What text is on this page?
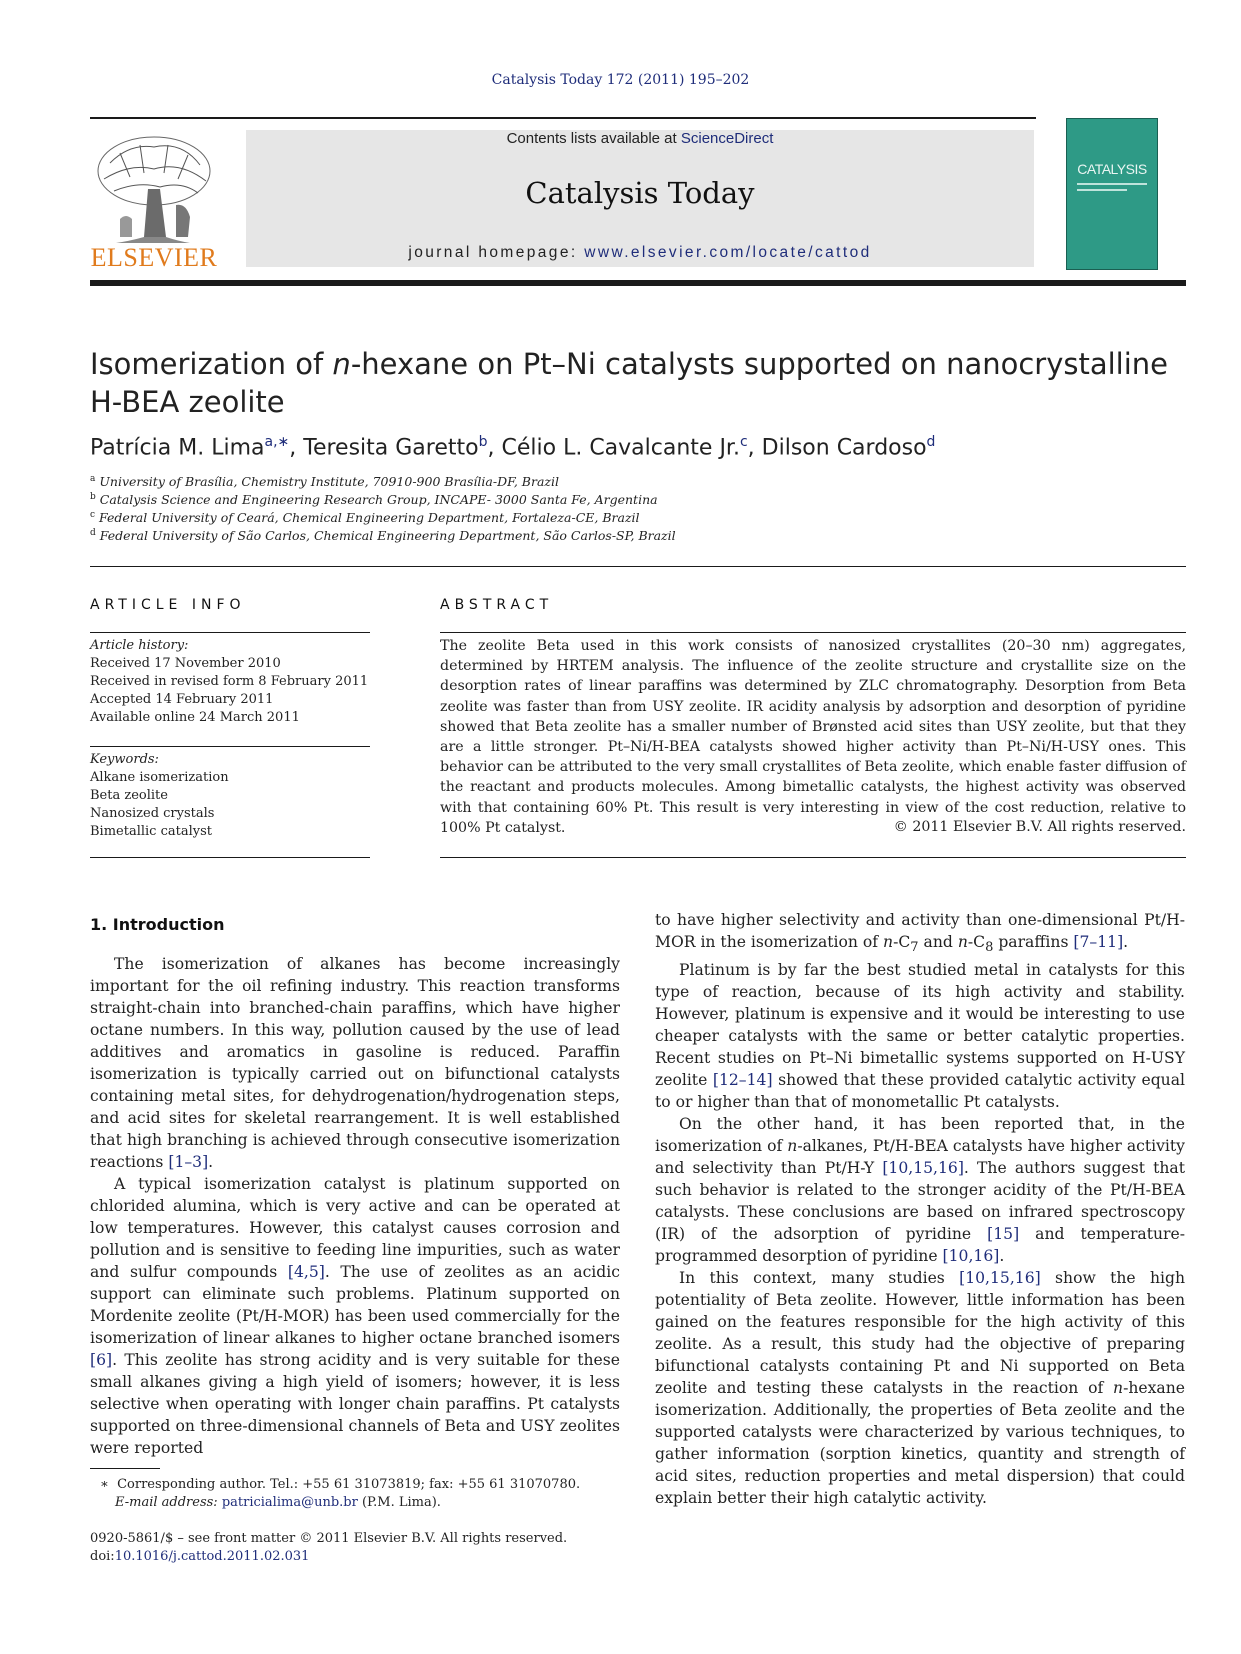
Catalysis Today 172 (2011) 195–202
ELSEVIER
Contents lists available at ScienceDirect
Catalysis Today
journal homepage: www.elsevier.com/locate/cattod
CATALYSIS
Isomerization of n-hexane on Pt–Ni catalysts supported on nanocrystalline
H-BEA zeolite
Patrícia M. Lima$^{a,∗}$, Teresita Garetto$^b$, Célio L. Cavalcante Jr.$^c$, Dilson Cardoso$^d$
$^a$ University of Brasília, Chemistry Institute, 70910-900 Brasília-DF, Brazil
$^b$ Catalysis Science and Engineering Research Group, INCAPE- 3000 Santa Fe, Argentina
$^c$ Federal University of Ceará, Chemical Engineering Department, Fortaleza-CE, Brazil
$^d$ Federal University of São Carlos, Chemical Engineering Department, São Carlos-SP, Brazil
ARTICLE INFO
Article history:
Received 17 November 2010
Received in revised form 8 February 2011
Accepted 14 February 2011
Available online 24 March 2011
Keywords:
Alkane isomerization
Beta zeolite
Nanosized crystals
Bimetallic catalyst
ABSTRACT
The zeolite Beta used in this work consists of nanosized crystallites (20–30 nm) aggregates, determined by HRTEM analysis. The influence of the zeolite structure and crystallite size on the desorption rates of linear paraffins was determined by ZLC chromatography. Desorption from Beta zeolite was faster than from USY zeolite. IR acidity analysis by adsorption and desorption of pyridine showed that Beta zeolite has a smaller number of Brønsted acid sites than USY zeolite, but that they are a little stronger. Pt–Ni/H-BEA catalysts showed higher activity than Pt–Ni/H-USY ones. This behavior can be attributed to the very small crystallites of Beta zeolite, which enable faster diffusion of the reactant and products molecules. Among bimetallic catalysts, the highest activity was observed with that containing 60% Pt. This result is very interesting in view of the cost reduction, relative to 100% Pt catalyst.	© 2011 Elsevier B.V. All rights reserved.
1. Introduction

The isomerization of alkanes has become increasingly important for the oil refining industry. This reaction transforms straight-chain into branched-chain paraffins, which have higher octane numbers. In this way, pollution caused by the use of lead additives and aromatics in gasoline is reduced. Paraffin isomerization is typically carried out on bifunctional catalysts containing metal sites, for dehydrogenation/hydrogenation steps, and acid sites for skeletal rearrangement. It is well established that high branching is achieved through consecutive isomerization reactions [1–3].

A typical isomerization catalyst is platinum supported on chlorided alumina, which is very active and can be operated at low temperatures. However, this catalyst causes corrosion and pollution and is sensitive to feeding line impurities, such as water and sulfur compounds [4,5]. The use of zeolites as an acidic support can eliminate such problems. Platinum supported on Mordenite zeolite (Pt/H-MOR) has been used commercially for the isomerization of linear alkanes to higher octane branched isomers [6]. This zeolite has strong acidity and is very suitable for these small alkanes giving a high yield of isomers; however, it is less selective when operating with longer chain paraffins. Pt catalysts supported on three-dimensional channels of Beta and USY zeolites were reported

to have higher selectivity and activity than one-dimensional Pt/H-MOR in the isomerization of $n-C_7$ and $n-C_8$ paraffins [7–11].

Platinum is by far the best studied metal in catalysts for this type of reaction, because of its high activity and stability. However, platinum is expensive and it would be interesting to use cheaper catalysts with the same or better catalytic properties. Recent studies on Pt–Ni bimetallic systems supported on H-USY zeolite [12–14] showed that these provided catalytic activity equal to or higher than that of monometallic Pt catalysts.

On the other hand, it has been reported that, in the isomerization of n-alkanes, Pt/H-BEA catalysts have higher activity and selectivity than Pt/H-Y [10,15,16]. The authors suggest that such behavior is related to the stronger acidity of the Pt/H-BEA catalysts. These conclusions are based on infrared spectroscopy (IR) of the adsorption of pyridine [15] and temperature-programmed desorption of pyridine [10,16].

In this context, many studies [10,15,16] show the high potentiality of Beta zeolite. However, little information has been gained on the features responsible for the high activity of this zeolite. As a result, this study had the objective of preparing bifunctional catalysts containing Pt and Ni supported on Beta zeolite and testing these catalysts in the reaction of n-hexane isomerization. Additionally, the properties of Beta zeolite and the supported catalysts were characterized by various techniques, to gather information (sorption kinetics, quantity and strength of acid sites, reduction properties and metal dispersion) that could explain better their high catalytic activity.

∗ Corresponding author. Tel.: +55 61 31073819; fax: +55 61 31070780.
E-mail address: patricialima@unb.br (P.M. Lima).
0920-5861/$ – see front matter © 2011 Elsevier B.V. All rights reserved.
doi:10.1016/j.cattod.2011.02.031
